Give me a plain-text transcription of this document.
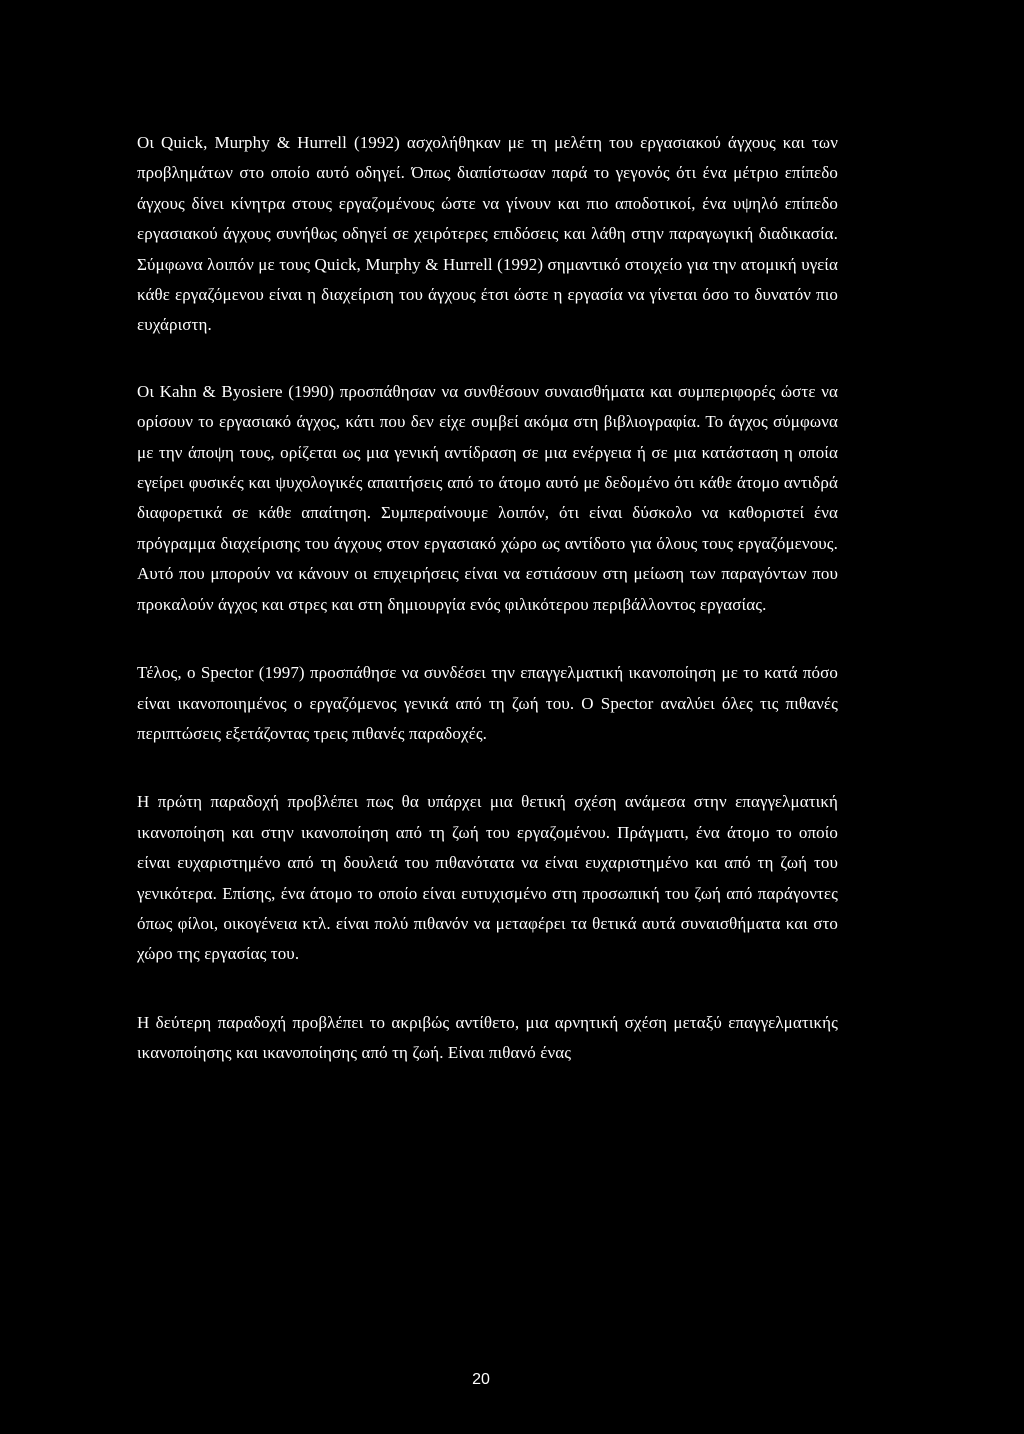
Οι Quick, Murphy & Hurrell (1992) ασχολήθηκαν με τη μελέτη του εργασιακού άγχους και των προβλημάτων στο οποίο αυτό οδηγεί. Όπως διαπίστωσαν παρά το γεγονός ότι ένα μέτριο επίπεδο άγχους δίνει κίνητρα στους εργαζομένους ώστε να γίνουν και πιο αποδοτικοί, ένα υψηλό επίπεδο εργασιακού άγχους συνήθως οδηγεί σε χειρότερες επιδόσεις και λάθη στην παραγωγική διαδικασία. Σύμφωνα λοιπόν με τους Quick, Murphy & Hurrell (1992) σημαντικό στοιχείο για την ατομική υγεία κάθε εργαζόμενου είναι η διαχείριση του άγχους έτσι ώστε η εργασία να γίνεται όσο το δυνατόν πιο ευχάριστη.

Οι Kahn & Byosiere (1990) προσπάθησαν να συνθέσουν συναισθήματα και συμπεριφορές ώστε να ορίσουν το εργασιακό άγχος, κάτι που δεν είχε συμβεί ακόμα στη βιβλιογραφία. Το άγχος σύμφωνα με την άποψη τους, ορίζεται ως μια γενική αντίδραση σε μια ενέργεια ή σε μια κατάσταση η οποία εγείρει φυσικές και ψυχολογικές απαιτήσεις από το άτομο αυτό με δεδομένο ότι κάθε άτομο αντιδρά διαφορετικά σε κάθε απαίτηση. Συμπεραίνουμε λοιπόν, ότι είναι δύσκολο να καθοριστεί ένα πρόγραμμα διαχείρισης του άγχους στον εργασιακό χώρο ως αντίδοτο για όλους τους εργαζόμενους. Αυτό που μπορούν να κάνουν οι επιχειρήσεις είναι να εστιάσουν στη μείωση των παραγόντων που προκαλούν άγχος και στρες και στη δημιουργία ενός φιλικότερου περιβάλλοντος εργασίας.

Τέλος, ο Spector (1997) προσπάθησε να συνδέσει την επαγγελματική ικανοποίηση με το κατά πόσο είναι ικανοποιημένος ο εργαζόμενος γενικά από τη ζωή του. Ο Spector αναλύει όλες τις πιθανές περιπτώσεις εξετάζοντας τρεις πιθανές παραδοχές.

Η πρώτη παραδοχή προβλέπει πως θα υπάρχει μια θετική σχέση ανάμεσα στην επαγγελματική ικανοποίηση και στην ικανοποίηση από τη ζωή του εργαζομένου. Πράγματι, ένα άτομο το οποίο είναι ευχαριστημένο από τη δουλειά του πιθανότατα να είναι ευχαριστημένο και από τη ζωή του γενικότερα. Επίσης, ένα άτομο το οποίο είναι ευτυχισμένο στη προσωπική του ζωή από παράγοντες όπως φίλοι, οικογένεια κτλ. είναι πολύ πιθανόν να μεταφέρει τα θετικά αυτά συναισθήματα και στο χώρο της εργασίας του.

Η δεύτερη παραδοχή προβλέπει το ακριβώς αντίθετο, μια αρνητική σχέση μεταξύ επαγγελματικής ικανοποίησης και ικανοποίησης από τη ζωή. Είναι πιθανό ένας

20
